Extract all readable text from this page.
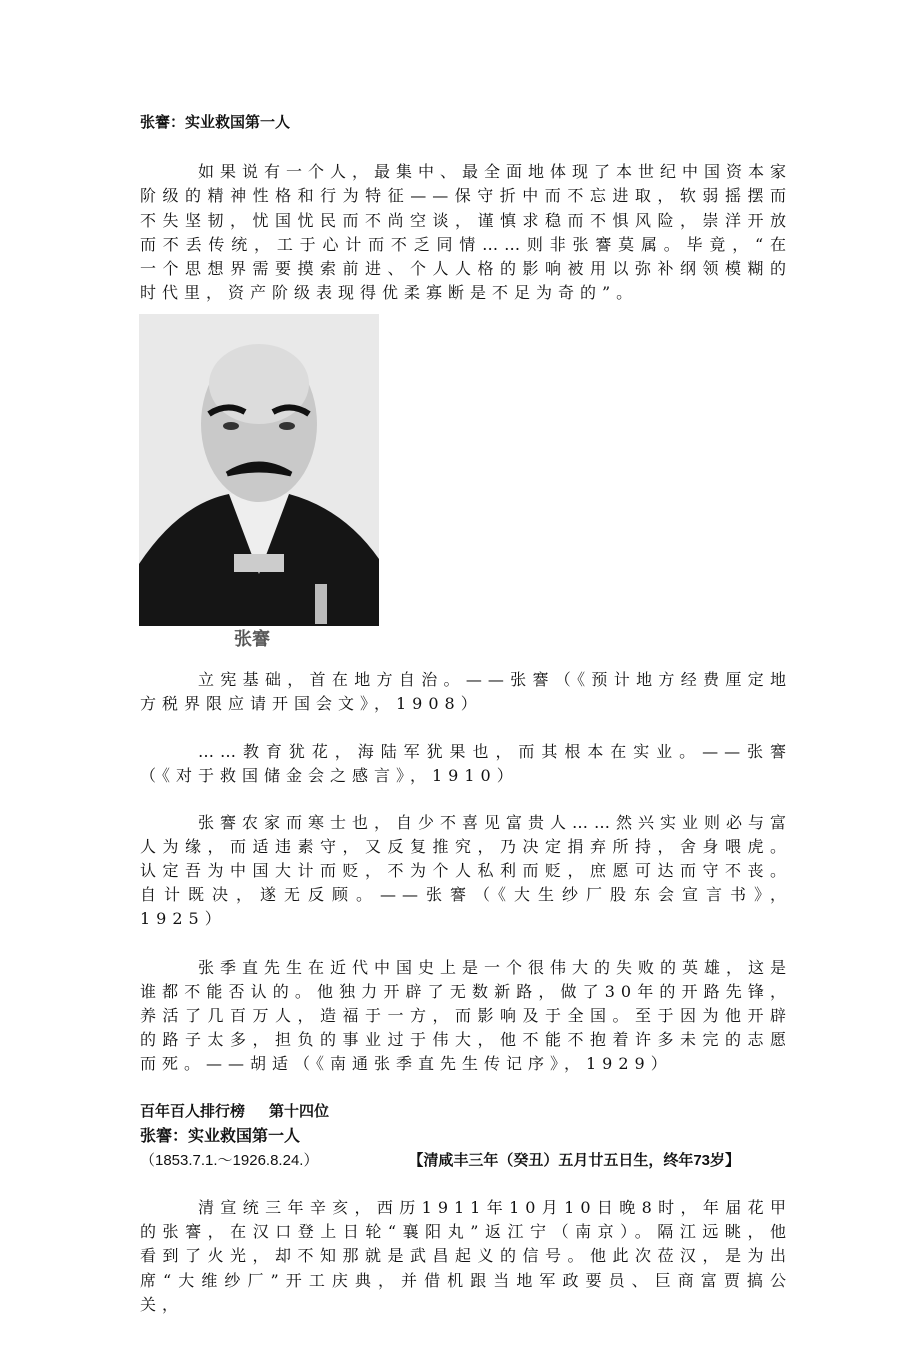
张謇：实业救国第一人

如果说有一个人，最集中、最全面地体现了本世纪中国资本家阶级的精神性格和行为特征——保守折中而不忘进取，软弱摇摆而不失坚韧，忧国忧民而不尚空谈，谨慎求稳而不惧风险，崇洋开放而不丢传统，工于心计而不乏同情……则非张謇莫属。毕竟，“在一个思想界需要摸索前进、个人人格的影响被用以弥补纲领模糊的时代里，资产阶级表现得优柔寡断是不足为奇的”。

张謇

立宪基础，首在地方自治。——张謇（《预计地方经费厘定地方税界限应请开国会文》，1908）

……教育犹花，海陆军犹果也，而其根本在实业。——张謇（《对于救国储金会之感言》，1910）

张謇农家而寒士也，自少不喜见富贵人……然兴实业则必与富人为缘，而适违素守，又反复推究，乃决定捐弃所持，舍身喂虎。认定吾为中国大计而贬，不为个人私利而贬，庶愿可达而守不丧。自计既决，遂无反顾。——张謇（《大生纱厂股东会宣言书》，1925）

张季直先生在近代中国史上是一个很伟大的失败的英雄，这是谁都不能否认的。他独力开辟了无数新路，做了30年的开路先锋，养活了几百万人，造福于一方，而影响及于全国。至于因为他开辟的路子太多，担负的事业过于伟大，他不能不抱着许多未完的志愿而死。——胡适（《南通张季直先生传记序》，1929）

百年百人排行榜 第十四位
张謇：实业救国第一人
（1853.7.1.～1926.8.24.）	【清咸丰三年（癸丑）五月廿五日生，终年73岁】

清宣统三年辛亥，西历1911年10月10日晚8时，年届花甲的张謇，在汉口登上日轮“襄阳丸”返江宁（南京）。隔江远眺，他看到了火光，却不知那就是武昌起义的信号。他此次莅汉，是为出席“大维纱厂”开工庆典，并借机跟当地军政要员、巨商富贾搞公关，
